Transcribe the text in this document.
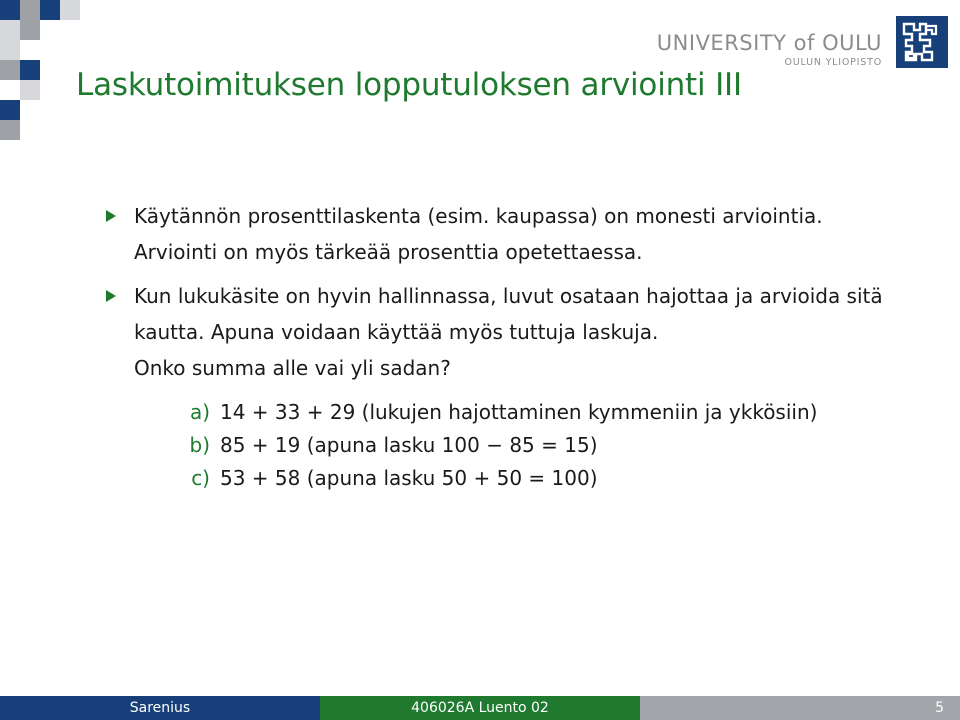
UNIVERSITY of OULU
OULUN YLIOPISTO
Laskutoimituksen lopputuloksen arviointi III

Käytännön prosenttilaskenta (esim. kaupassa) on monesti arviointia. Arviointi on myös tärkeää prosenttia opetettaessa.

Kun lukukäsite on hyvin hallinnassa, luvut osataan hajottaa ja arvioida sitä kautta. Apuna voidaan käyttää myös tuttuja laskuja.

Onko summa alle vai yli sadan?

a) 14 + 33 + 29 (lukujen hajottaminen kymmeniin ja ykkösiin)
b) 85 + 19 (apuna lasku 100 − 85 = 15)
c) 53 + 58 (apuna lasku 50 + 50 = 100)
Sarenius	406026A Luento 02	5
